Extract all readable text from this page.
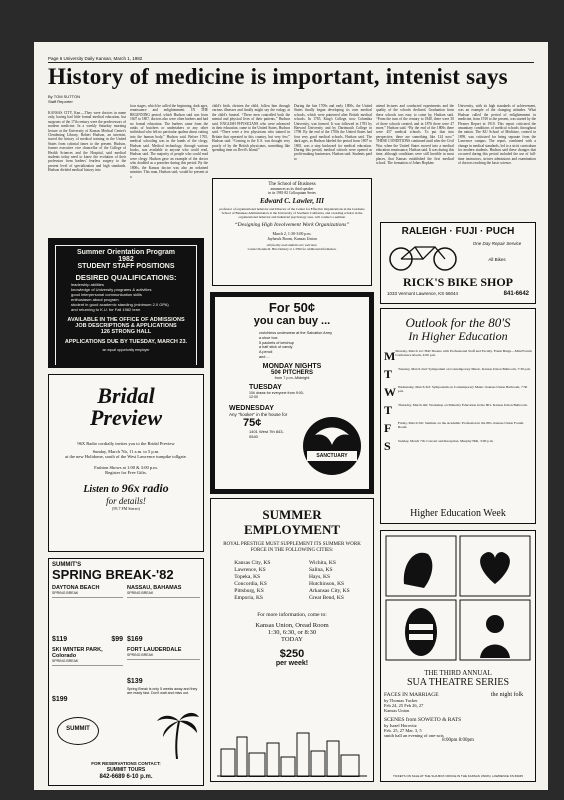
Page 6 University Daily Kansan, March 1, 1982
History of medicine is important, intenist says
By TOM SUTTON
Staff Reporter
KANSAS CITY, Kan.—They were doctors in name only, having had little formal medical education, but surgeons of the 17th century were the predecessors of modern medicine. In a weekly Saturday morning lecture at the University of Kansas Medical Center's Clendening Library, Robert Hudson, an internist, traced the history of medical training in the United States from colonial times to the present. Hudson, former executive vice chancellor of the College of Health Sciences and the Hospital, said medical students today need to know the evolution of their profession from barbers' fearless surgery to the present level of specialization and high standards. Hudson divided medical history into
four stages, which he called the beginning, dark ages, renaissance and enlightenment. IN THE BEGINNING period, which Hudson said was from 1607 to 1807, doctors also were often barbers and had no formal education. The barbers came from the ranks of butchers or undertakers or any other individual who felt no particular qualms about cutting into the human body,” Hudson said. Before 1765, medical schooling was in the hands of the clergy, Hudson said. Medical technology, through various books, was available to anyone who could read, Hudson said. The majority of people who could read were clergy. Hudson gave an example of the doctor who doubled as a preacher during this period. By the 1800s, the Kansas doctor was also an ordained minister. This man, Hudson said, would be present at a
child's birth, christen the child, follow him through various illnesses and finally might say the eulogy at the child's funeral. “These men controlled both the mental and physical lives of their patients,” Hudson said. ENGLISH PHYSICIANS who were advanced in their education, came to the United States, Hudson said. “There were a few physicians who trained in Britain that operated in this country, but very few,” Hudson said. “Coming to the U.S. was thought very poorly of by the British physicians, something like spending time on Devil's Island.”
During the late 1700s and early 1800s, the United States finally began developing its own medical schools, which were patterned after British medical schools. In 1765, King's College, now Columbia University, was formed. It was followed in 1783 by Harvard University and by Dartmouth College in 1798. By the end of the 1700s the United States had four very good medical schools, Hudson said. The dark ages, as Hudson labeled the period from 1807 to 1865, was a step backward for medical education. During this period, medical schools were opened as profit-making businesses, Hudson said. Students paid to
attend lectures and conducted experiments and the quality of the schools declined. Graduation from these schools was easy to come by, Hudson said. “From the turn of the century to 1840, there were 30 of these schools created, and in 1876 there were 47 more,” Hudson said. “By the end of the 1800s there were 457 medical schools. To put that into perspective, there are something like 124 now.” THESE CONDITIONS continued until after the Civil War, when the United States moved into a medical education renaissance, Hudson said. It was during this time, although conditions were still horrible in most places, that Kansas established the first medical school. The formation of Johns Hopkins
University, with its high standards of achievement, was an example of the changing attitudes. What Hudson called the period of enlightenment in medicine, from 1910 to the present, was started by the Flexner Report in 1910. This report criticized the unsanitary conditions of medical schools throughout the nation. The KU School of Medicine, created in 1899, was criticized for being separate from the Lawrence campus. The report, combined with a change in medical standards, led to a strict curriculum for modern students. Hudson said these changes that occurred during this period included the use of full-time instructors, stricter admissions and examination of doctors reaching the basic science.
The School of Business
announces as its third speaker
in its 1981-82 Colloquium Series
Edward C. Lawler, III
professor of organizational behavior and Director of the Center for Effective Organizations in the Graduate School of Business Administration at the University of Southern California, and a leading scholar in the organizational behavior and industrial psychology area, will conduct a seminar
“Designing High Involvement Work Organizations”
March 2, 1:30-3:00 p.m.
Jayhawk Room, Kansas Union
All faculty and students are welcome.
Contact Ronnie R. Hite Doherty at 1-3590 for additional information.
Summer Orientation Program
1982
STUDENT STAFF POSITIONS
DESIRED QUALIFICATIONS:
leadership abilities
knowledge of University programs & activities
good interpersonal communication skills
enthusiasm about program
student in good academic standing (minimum 2.0 GPA)
and returning to K.U. for Fall 1982 term
AVAILABLE IN THE OFFICE OF ADMISSIONS
JOB DESCRIPTIONS & APPLICATIONS
126 STRONG HALL
APPLICATIONS DUE BY TUESDAY, MARCH 23.
an equal opportunity employer
Bridal
Preview
96X Radio cordially invites you to the Bridal Preview
Sunday, March 7th, 11 a.m. to 5 p.m.
at the new Holidome, south of the West Lawrence turnpike tollgate.
Fashion Shows at 1:00 & 3:00 p.m.
Register for Free Gifts.
Listen to 96x radio
for details!
(95.7 FM Stereo)
SUMMIT'S
SPRING BREAK-'82
DAYTONA BEACH
SPRING BREAK
$119	$99
NASSAU, BAHAMAS
SPRING BREAK
$169
SKI WINTER PARK, Colorado
SPRING BREAK
$199
FORT LAUDERDALE
SPRING BREAK
$139
Spring Break is only 5 weeks away and they are ready fast. Don't wait and miss out.
SUMMIT
FOR RESERVATIONS CONTACT:
SUMMIT TOURS
842-6689 6-10 p.m.
For 50¢
you can buy ...
crutchless underwear at the Salvation Army
a shoe box
5 packets of ketchup
a half stick of candy
A pencil
and ...
MONDAY NIGHTS
50¢ PITCHERS
from 7 p.m.-Midnight
TUESDAY
10¢ draws for everyone from 9:00-12:00
WEDNESDAY
Any "hooker" in the house for
75¢
1401 West 7th 843-0540
SANCTUARY
SUMMER EMPLOYMENT
ROYAL PRESTIGE MUST SUPPLEMENT ITS SUMMER WORK FORCE IN THE FOLLOWING CITIES:
Kansas City, KS
Lawrence, KS
Topeka, KS
Concordia, KS
Pittsburg, KS
Emporia, KS
Wichita, KS
Salina, KS
Hays, KS
Hutchinson, KS
Arkansas City, KS
Great Bend, KS
For more information, come to:
Kansas Union, Oread Room
1:30, 6:30, or 8:30
TODAY
$250
per week!
RALEIGH · FUJI · PUCH
One Day Repair Service
All Bikes
RICK'S BIKE SHOP
1033 Vermont Lawrence, KS 66044	841-6642
Outlook for the 80'S
In Higher Education
M Monday, March 1st: Hall Theatre with Professional Staff and Faculty. Frank Burge—Mini Forum Conference Room, 4:00 p.m.
T	Tuesday, March 2nd: Symposium on Contemporary Music. Kansas Union Ballroom, 7:30 p.m.
W Wednesday, March 3rd: Symposium on Contemporary Music. Kansas Union Ballroom, 7:30 p.m.
T	Thursday, March 4th: Workshop on Minority Education in the 80's. Kansas Union Ballroom.
F	Friday, March 5th: Seminar on the Academic Profession in the 80's. Kansas Union Forum Room.
S	Sunday, March 7th: Concert and Reception. Murphy Hall, 3:00 p.m.
Higher Education Week
THE THIRD ANNUAL
SUA THEATRE SERIES
FACES IN MARRIAGE
by Thomas Tucker
Feb 24, 25 Feb 26, 27
Kansas Union
the night folk
SCENES from SOWETO & RATS
by Israel Horovitz
Feb. 25, 27 Mar. 3, 5
smith hall an evening of one-acts
8:00pm 8:00pm
TICKETS ON SALE AT THE SUA BOX OFFICE IN THE KANSAS UNION, LAWRENCE KS 66045
